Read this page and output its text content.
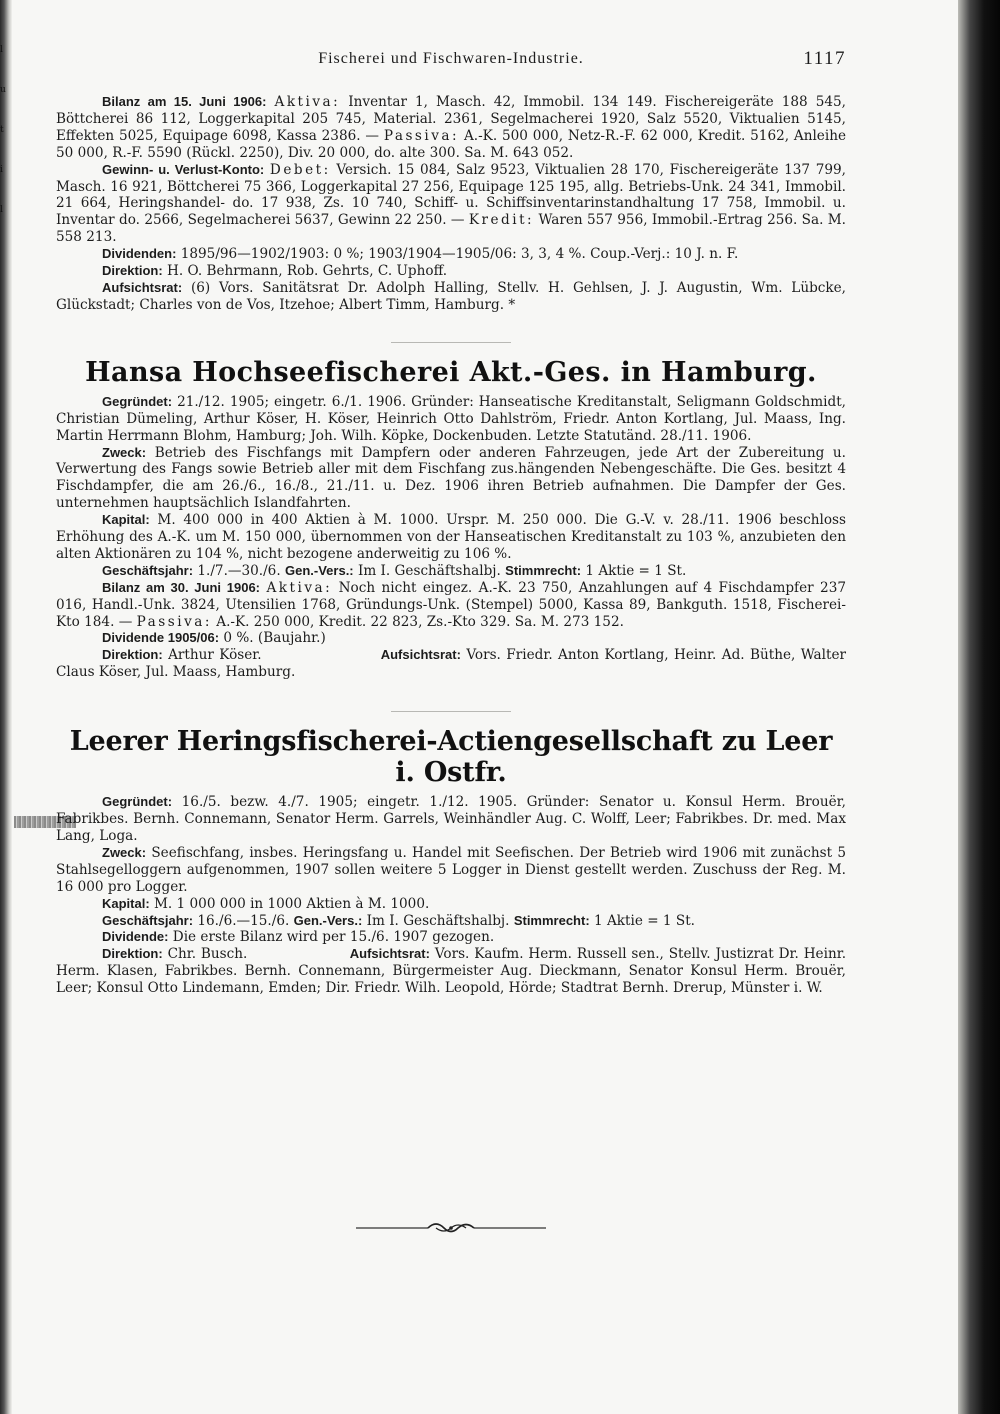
l
u
t
i
l
Fischerei und Fischwaren-Industrie.	1117

Bilanz am 15. Juni 1906: Aktiva: Inventar 1, Masch. 42, Immobil. 134 149. Fischereigeräte 188 545, Böttcherei 86 112, Loggerkapital 205 745, Material. 2361, Segelmacherei 1920, Salz 5520, Viktualien 5145, Effekten 5025, Equipage 6098, Kassa 2386. — Passiva: A.-K. 500 000, Netz-R.-F. 62 000, Kredit. 5162, Anleihe 50 000, R.-F. 5590 (Rückl. 2250), Div. 20 000, do. alte 300. Sa. M. 643 052.

Gewinn- u. Verlust-Konto: Debet: Versich. 15 084, Salz 9523, Viktualien 28 170, Fischereigeräte 137 799, Masch. 16 921, Böttcherei 75 366, Loggerkapital 27 256, Equipage 125 195, allg. Betriebs-Unk. 24 341, Immobil. 21 664, Heringshandel- do. 17 938, Zs. 10 740, Schiff- u. Schiffsinventarinstandhaltung 17 758, Immobil. u. Inventar do. 2566, Segelmacherei 5637, Gewinn 22 250. — Kredit: Waren 557 956, Immobil.-Ertrag 256. Sa. M. 558 213.

Dividenden: 1895/96—1902/1903: 0 %; 1903/1904—1905/06: 3, 3, 4 %. Coup.-Verj.: 10 J. n. F.

Direktion: H. O. Behrmann, Rob. Gehrts, C. Uphoff.

Aufsichtsrat: (6) Vors. Sanitätsrat Dr. Adolph Halling, Stellv. H. Gehlsen, J. J. Augustin, Wm. Lübcke, Glückstadt; Charles von de Vos, Itzehoe; Albert Timm, Hamburg. *

Hansa Hochseefischerei Akt.-Ges. in Hamburg.

Gegründet: 21./12. 1905; eingetr. 6./1. 1906. Gründer: Hanseatische Kreditanstalt, Seligmann Goldschmidt, Christian Dümeling, Arthur Köser, H. Köser, Heinrich Otto Dahlström, Friedr. Anton Kortlang, Jul. Maass, Ing. Martin Herrmann Blohm, Hamburg; Joh. Wilh. Köpke, Dockenbuden. Letzte Statutänd. 28./11. 1906.

Zweck: Betrieb des Fischfangs mit Dampfern oder anderen Fahrzeugen, jede Art der Zubereitung u. Verwertung des Fangs sowie Betrieb aller mit dem Fischfang zus.hängenden Nebengeschäfte. Die Ges. besitzt 4 Fischdampfer, die am 26./6., 16./8., 21./11. u. Dez. 1906 ihren Betrieb aufnahmen. Die Dampfer der Ges. unternehmen hauptsächlich Islandfahrten.

Kapital: M. 400 000 in 400 Aktien à M. 1000. Urspr. M. 250 000. Die G.-V. v. 28./11. 1906 beschloss Erhöhung des A.-K. um M. 150 000, übernommen von der Hanseatischen Kreditanstalt zu 103 %, anzubieten den alten Aktionären zu 104 %, nicht bezogene anderweitig zu 106 %.

Geschäftsjahr: 1./7.—30./6. Gen.-Vers.: Im I. Geschäftshalbj. Stimmrecht: 1 Aktie = 1 St.

Bilanz am 30. Juni 1906: Aktiva: Noch nicht eingez. A.-K. 23 750, Anzahlungen auf 4 Fischdampfer 237 016, Handl.-Unk. 3824, Utensilien 1768, Gründungs-Unk. (Stempel) 5000, Kassa 89, Bankguth. 1518, Fischerei-Kto 184. — Passiva: A.-K. 250 000, Kredit. 22 823, Zs.-Kto 329. Sa. M. 273 152.

Dividende 1905/06: 0 %. (Baujahr.)

Direktion: Arthur Köser.	Aufsichtsrat: Vors. Friedr. Anton Kortlang, Heinr. Ad. Büthe, Walter Claus Köser, Jul. Maass, Hamburg.

Leerer Heringsfischerei-Actiengesellschaft zu Leer i. Ostfr.

Gegründet: 16./5. bezw. 4./7. 1905; eingetr. 1./12. 1905. Gründer: Senator u. Konsul Herm. Brouër, Fabrikbes. Bernh. Connemann, Senator Herm. Garrels, Weinhändler Aug. C. Wolff, Leer; Fabrikbes. Dr. med. Max Lang, Loga.

Zweck: Seefischfang, insbes. Heringsfang u. Handel mit Seefischen. Der Betrieb wird 1906 mit zunächst 5 Stahlsegelloggern aufgenommen, 1907 sollen weitere 5 Logger in Dienst gestellt werden. Zuschuss der Reg. M. 16 000 pro Logger.

Kapital: M. 1 000 000 in 1000 Aktien à M. 1000.

Geschäftsjahr: 16./6.—15./6. Gen.-Vers.: Im I. Geschäftshalbj. Stimmrecht: 1 Aktie = 1 St.

Dividende: Die erste Bilanz wird per 15./6. 1907 gezogen.

Direktion: Chr. Busch.	Aufsichtsrat: Vors. Kaufm. Herm. Russell sen., Stellv. Justizrat Dr. Heinr. Herm. Klasen, Fabrikbes. Bernh. Connemann, Bürgermeister Aug. Dieckmann, Senator Konsul Herm. Brouër, Leer; Konsul Otto Lindemann, Emden; Dir. Friedr. Wilh. Leopold, Hörde; Stadtrat Bernh. Drerup, Münster i. W.
